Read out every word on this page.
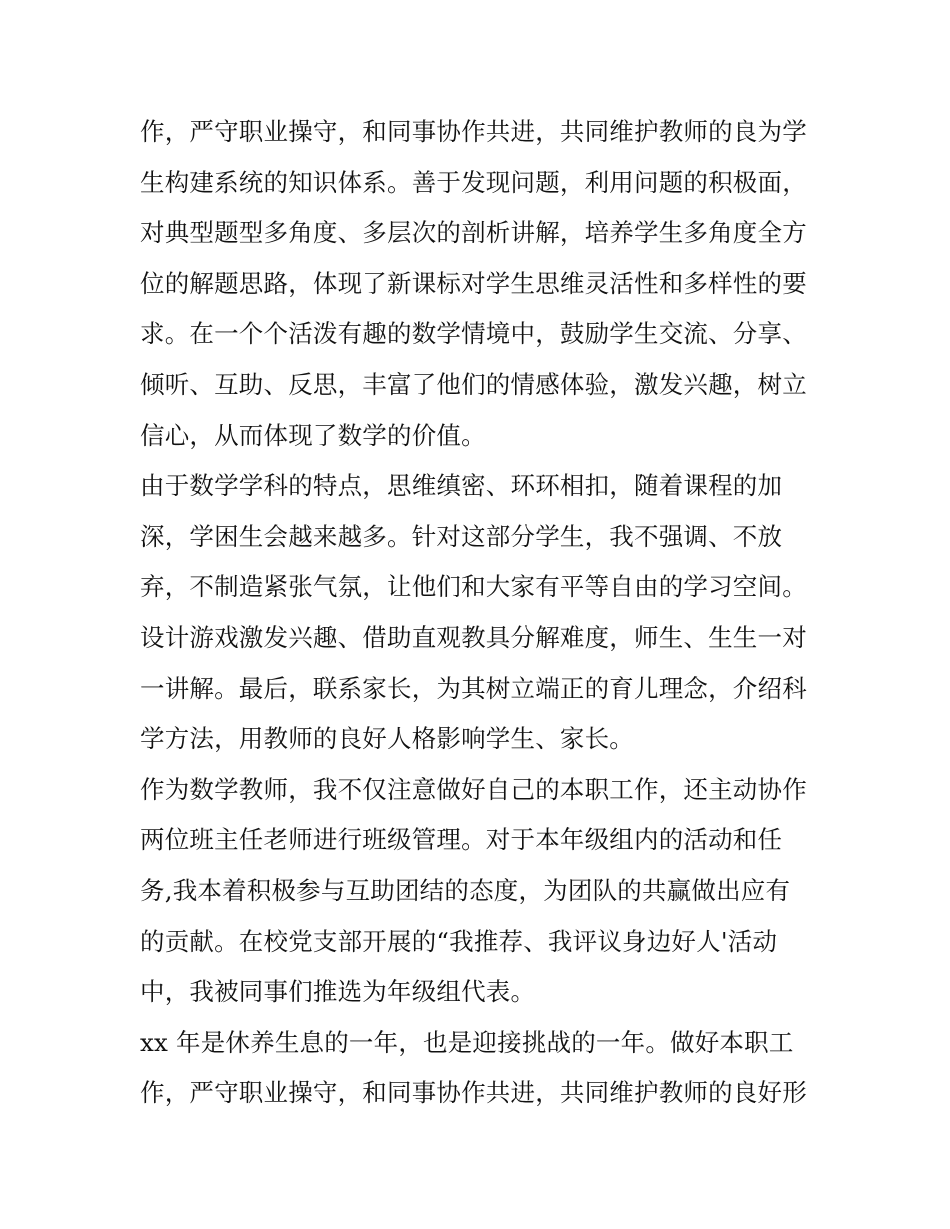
作，严守职业操守，和同事协作共进，共同维护教师的良为学
生构建系统的知识体系。善于发现问题，利用问题的积极面，
对典型题型多角度、多层次的剖析讲解，培养学生多角度全方
位的解题思路，体现了新课标对学生思维灵活性和多样性的要
求。在一个个活泼有趣的数学情境中，鼓励学生交流、分享、
倾听、互助、反思，丰富了他们的情感体验，激发兴趣，树立
信心，从而体现了数学的价值。
由于数学学科的特点，思维缜密、环环相扣，随着课程的加
深，学困生会越来越多。针对这部分学生，我不强调、不放
弃，不制造紧张气氛，让他们和大家有平等自由的学习空间。
设计游戏激发兴趣、借助直观教具分解难度，师生、生生一对
一讲解。最后，联系家长，为其树立端正的育儿理念，介绍科
学方法，用教师的良好人格影响学生、家长。
作为数学教师，我不仅注意做好自己的本职工作，还主动协作
两位班主任老师进行班级管理。对于本年级组内的活动和任
务,我本着积极参与互助团结的态度，为团队的共赢做出应有
的贡献。在校党支部开展的“我推荐、我评议身边好人'活动
中，我被同事们推选为年级组代表。
xx 年是休养生息的一年，也是迎接挑战的一年。做好本职工
作，严守职业操守，和同事协作共进，共同维护教师的良好形
